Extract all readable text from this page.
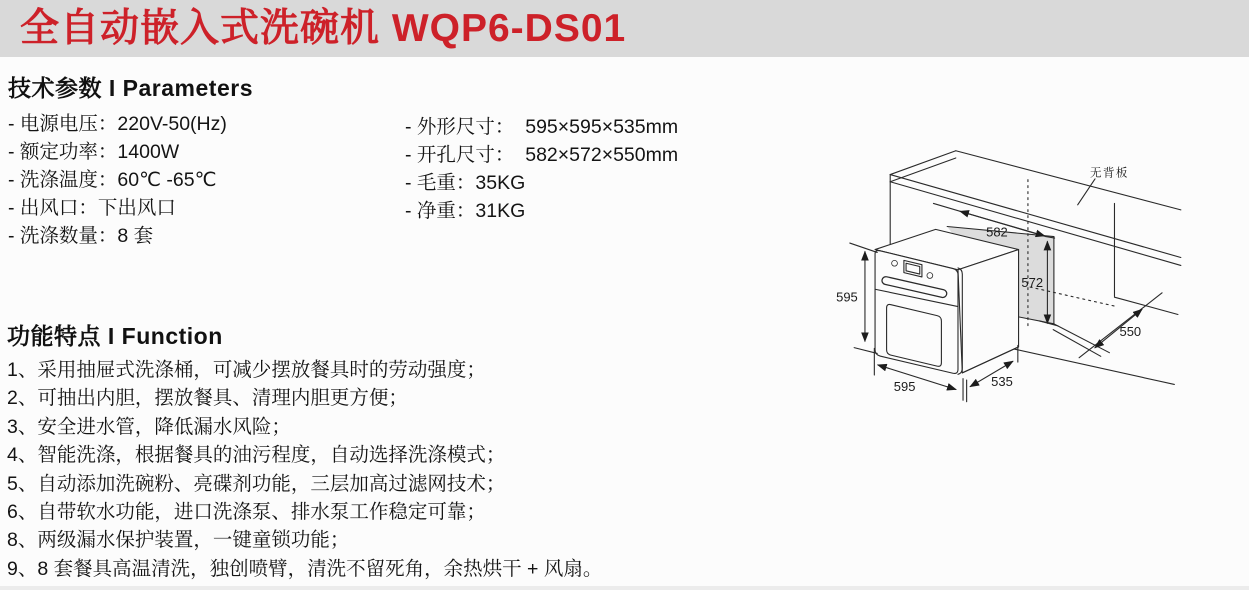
全自动嵌入式洗碗机 WQP6-DS01
技术参数 I Parameters
- 电源电压：220V-50(Hz)
- 额定功率：1400W
- 洗涤温度：60℃ -65℃
- 出风口：下出风口
- 洗涤数量：8 套
- 外形尺寸：  595×595×535mm
- 开孔尺寸：  582×572×550mm
- 毛重：35KG
- 净重：31KG
功能特点 I Function
1、采用抽屉式洗涤桶，可减少摆放餐具时的劳动强度；
2、可抽出内胆，摆放餐具、清理内胆更方便；
3、安全进水管，降低漏水风险；
4、智能洗涤，根据餐具的油污程度，自动选择洗涤模式；
5、自动添加洗碗粉、亮碟剂功能，三层加高过滤网技术；
6、自带软水功能，进口洗涤泵、排水泵工作稳定可靠；
8、两级漏水保护装置，一键童锁功能；
9、8 套餐具高温清洗，独创喷臂，清洗不留死角，余热烘干 + 风扇。
595
595	535
582
572
550
无背板
